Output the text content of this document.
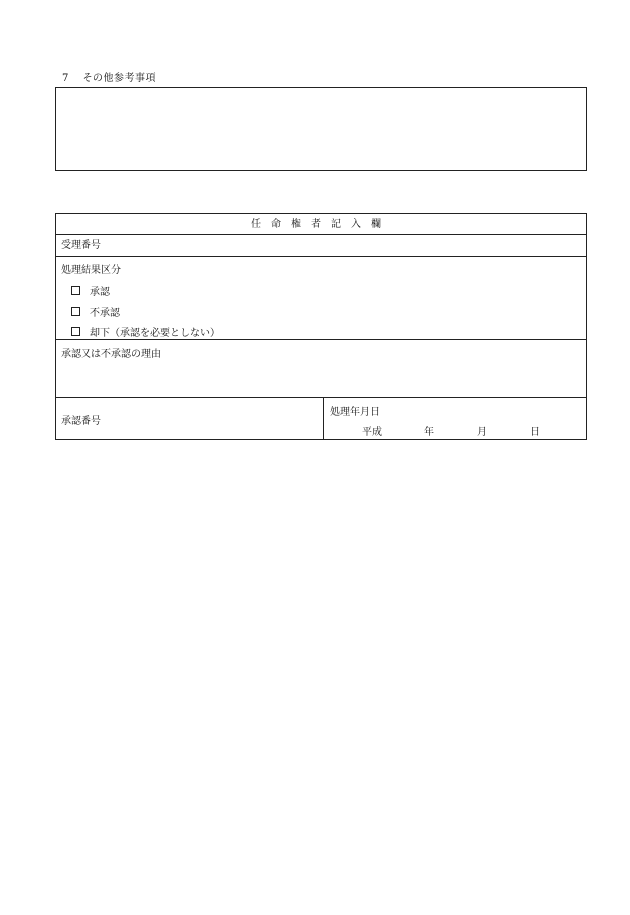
7 その他参考事項
任命権者記入欄
受理番号
処理結果区分
承認
不承認
却下（承認を必要としない）
承認又は不承認の理由
承認番号
処理年月日
平成	年	月	日
